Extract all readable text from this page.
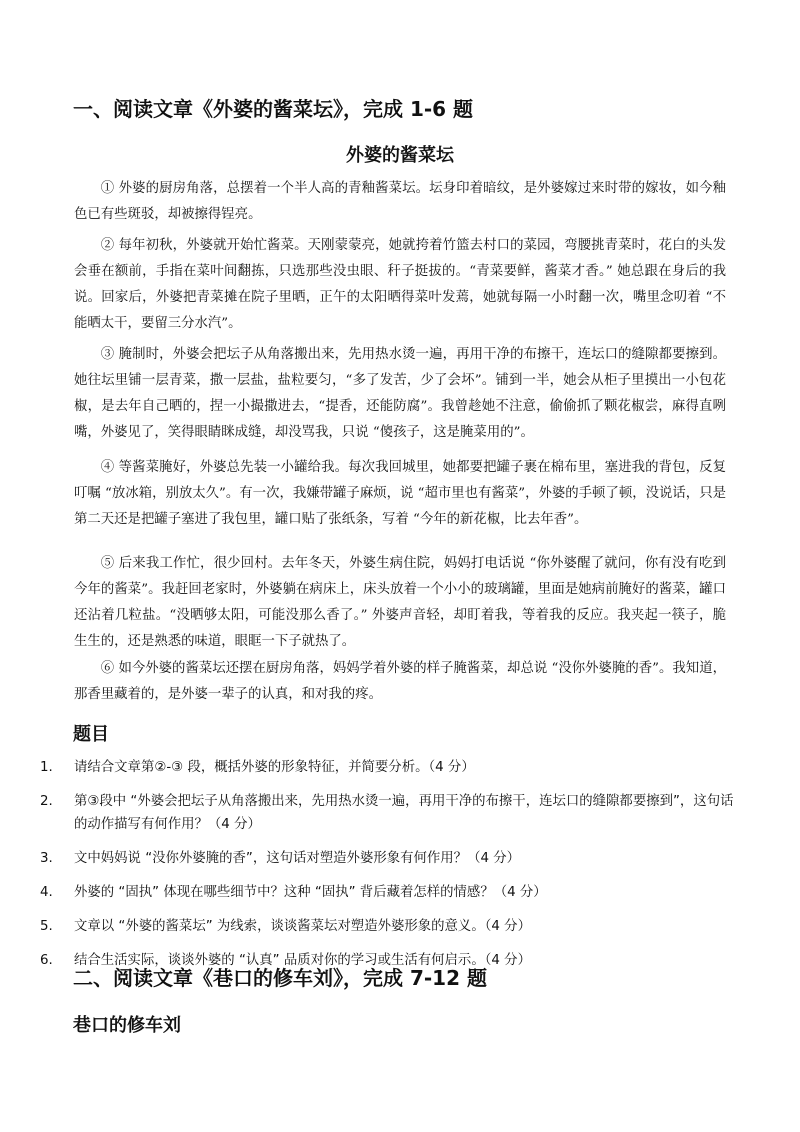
一、阅读文章《外婆的酱菜坛》，完成 1-6 题
外婆的酱菜坛

① 外婆的厨房角落，总摆着一个半人高的青釉酱菜坛。坛身印着暗纹，是外婆嫁过来时带的嫁妆，如今釉色已有些斑驳，却被擦得锃亮。

② 每年初秋，外婆就开始忙酱菜。天刚蒙蒙亮，她就挎着竹篮去村口的菜园，弯腰挑青菜时，花白的头发会垂在额前，手指在菜叶间翻拣，只选那些没虫眼、秆子挺拔的。“青菜要鲜，酱菜才香。” 她总跟在身后的我说。回家后，外婆把青菜摊在院子里晒，正午的太阳晒得菜叶发蔫，她就每隔一小时翻一次，嘴里念叨着 “不能晒太干，要留三分水汽”。

③ 腌制时，外婆会把坛子从角落搬出来，先用热水烫一遍，再用干净的布擦干，连坛口的缝隙都要擦到。她往坛里铺一层青菜，撒一层盐，盐粒要匀，“多了发苦，少了会坏”。铺到一半，她会从柜子里摸出一小包花椒，是去年自己晒的，捏一小撮撒进去，“提香，还能防腐”。我曾趁她不注意，偷偷抓了颗花椒尝，麻得直咧嘴，外婆见了，笑得眼睛眯成缝，却没骂我，只说 “傻孩子，这是腌菜用的”。

④ 等酱菜腌好，外婆总先装一小罐给我。每次我回城里，她都要把罐子裹在棉布里，塞进我的背包，反复叮嘱 “放冰箱，别放太久”。有一次，我嫌带罐子麻烦，说 “超市里也有酱菜”，外婆的手顿了顿，没说话，只是第二天还是把罐子塞进了我包里，罐口贴了张纸条，写着 “今年的新花椒，比去年香”。

⑤ 后来我工作忙，很少回村。去年冬天，外婆生病住院，妈妈打电话说 “你外婆醒了就问，你有没有吃到今年的酱菜”。我赶回老家时，外婆躺在病床上，床头放着一个小小的玻璃罐，里面是她病前腌好的酱菜，罐口还沾着几粒盐。“没晒够太阳，可能没那么香了。” 外婆声音轻，却盯着我，等着我的反应。我夹起一筷子，脆生生的，还是熟悉的味道，眼眶一下子就热了。

⑥ 如今外婆的酱菜坛还摆在厨房角落，妈妈学着外婆的样子腌酱菜，却总说 “没你外婆腌的香”。我知道，那香里藏着的，是外婆一辈子的认真，和对我的疼。

题目
1.	请结合文章第②-③ 段，概括外婆的形象特征，并简要分析。（4 分）
2.	第③段中 “外婆会把坛子从角落搬出来，先用热水烫一遍，再用干净的布擦干，连坛口的缝隙都要擦到”，这句话的动作描写有何作用？（4 分）
3.	文中妈妈说 “没你外婆腌的香”，这句话对塑造外婆形象有何作用？（4 分）
4.	外婆的 “固执” 体现在哪些细节中？这种 “固执” 背后藏着怎样的情感？（4 分）
5.	文章以 “外婆的酱菜坛” 为线索，谈谈酱菜坛对塑造外婆形象的意义。（4 分）
6.	结合生活实际，谈谈外婆的 “认真” 品质对你的学习或生活有何启示。（4 分）
二、阅读文章《巷口的修车刘》，完成 7-12 题
巷口的修车刘
